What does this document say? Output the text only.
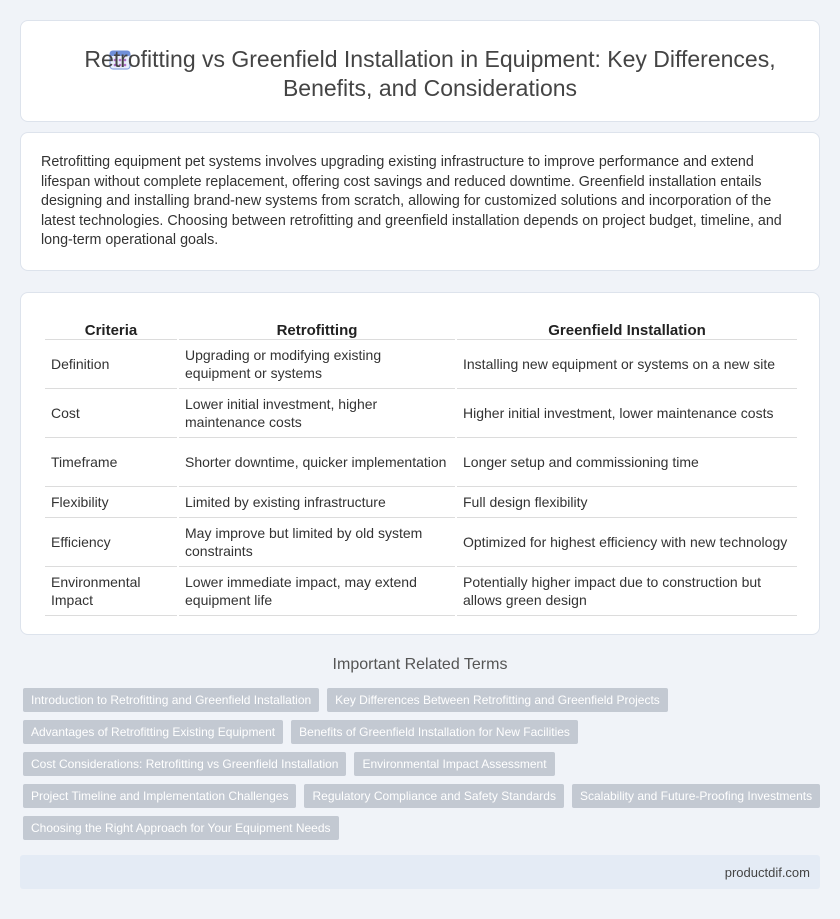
Retrofitting vs Greenfield Installation in Equipment: Key Differences, Benefits, and Considerations

Retrofitting equipment pet systems involves upgrading existing infrastructure to improve performance and extend lifespan without complete replacement, offering cost savings and reduced downtime. Greenfield installation entails designing and installing brand-new systems from scratch, allowing for customized solutions and incorporation of the latest technologies. Choosing between retrofitting and greenfield installation depends on project budget, timeline, and long-term operational goals.

Criteria	Retrofitting	Greenfield Installation
Definition	Upgrading or modifying existing equipment or systems	Installing new equipment or systems on a new site
Cost	Lower initial investment, higher maintenance costs	Higher initial investment, lower maintenance costs
Timeframe	Shorter downtime, quicker implementation	Longer setup and commissioning time
Flexibility	Limited by existing infrastructure	Full design flexibility
Efficiency	May improve but limited by old system constraints	Optimized for highest efficiency with new technology
Environmental Impact	Lower immediate impact, may extend equipment life	Potentially higher impact due to construction but allows green design
Important Related Terms
Introduction to Retrofitting and Greenfield Installation	Key Differences Between Retrofitting and Greenfield Projects
Advantages of Retrofitting Existing Equipment	Benefits of Greenfield Installation for New Facilities
Cost Considerations: Retrofitting vs Greenfield Installation	Environmental Impact Assessment
Project Timeline and Implementation Challenges	Regulatory Compliance and Safety Standards	Scalability and Future-Proofing Investments
Choosing the Right Approach for Your Equipment Needs
productdif.com
